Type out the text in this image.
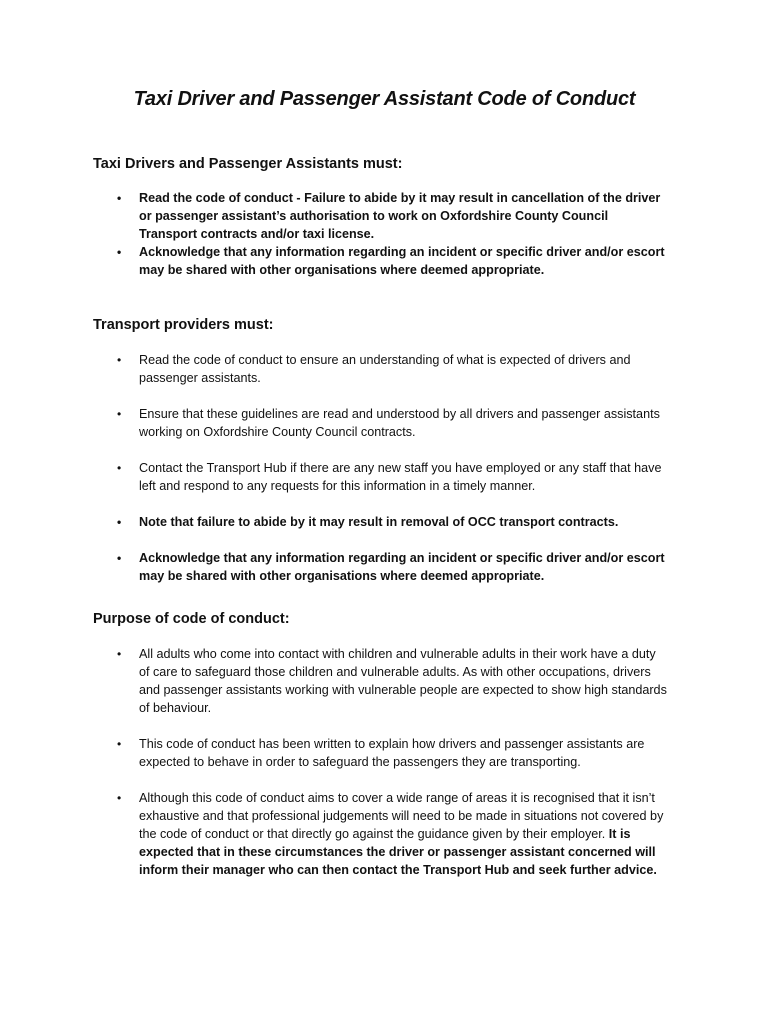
Taxi Driver and Passenger Assistant Code of Conduct
Taxi Drivers and Passenger Assistants must:
• Read the code of conduct - Failure to abide by it may result in cancellation of the driver or passenger assistant’s authorisation to work on Oxfordshire County Council Transport contracts and/or taxi license.
• Acknowledge that any information regarding an incident or specific driver and/or escort may be shared with other organisations where deemed appropriate.
Transport providers must:
• Read the code of conduct to ensure an understanding of what is expected of drivers and passenger assistants.
• Ensure that these guidelines are read and understood by all drivers and passenger assistants working on Oxfordshire County Council contracts.
• Contact the Transport Hub if there are any new staff you have employed or any staff that have left and respond to any requests for this information in a timely manner.
• Note that failure to abide by it may result in removal of OCC transport contracts.
• Acknowledge that any information regarding an incident or specific driver and/or escort may be shared with other organisations where deemed appropriate.
Purpose of code of conduct:
• All adults who come into contact with children and vulnerable adults in their work have a duty of care to safeguard those children and vulnerable adults. As with other occupations, drivers and passenger assistants working with vulnerable people are expected to show high standards of behaviour.
• This code of conduct has been written to explain how drivers and passenger assistants are expected to behave in order to safeguard the passengers they are transporting.
• Although this code of conduct aims to cover a wide range of areas it is recognised that it isn’t exhaustive and that professional judgements will need to be made in situations not covered by the code of conduct or that directly go against the guidance given by their employer. It is expected that in these circumstances the driver or passenger assistant concerned will inform their manager who can then contact the Transport Hub and seek further advice.
